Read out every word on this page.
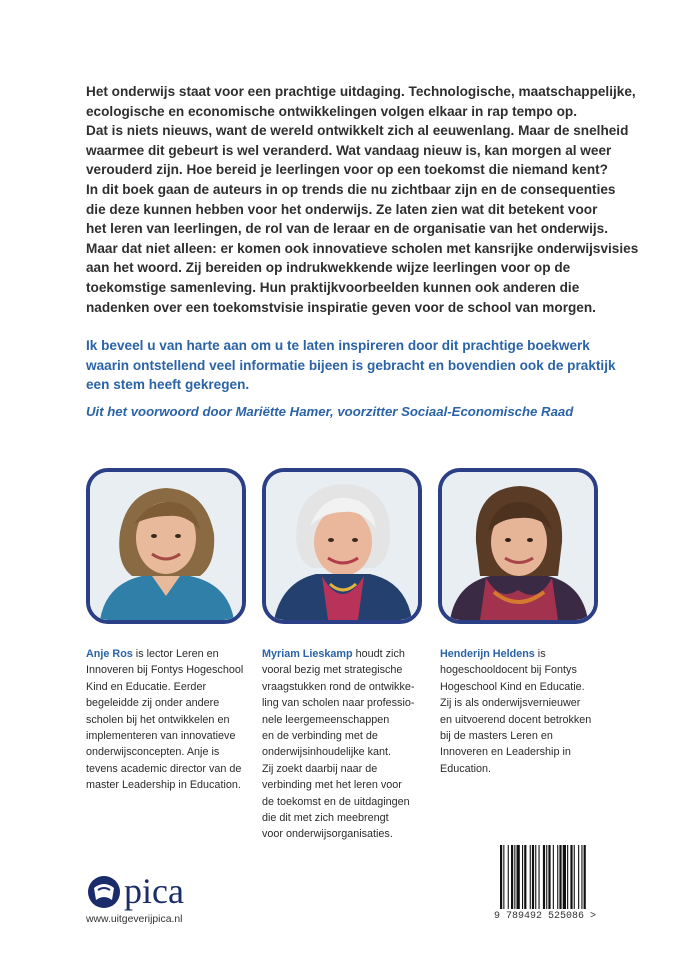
Het onderwijs staat voor een prachtige uitdaging. Technologische, maatschappelijke,
ecologische en economische ontwikkelingen volgen elkaar in rap tempo op.
Dat is niets nieuws, want de wereld ontwikkelt zich al eeuwenlang. Maar de snelheid
waarmee dit gebeurt is wel veranderd. Wat vandaag nieuw is, kan morgen al weer
verouderd zijn. Hoe bereid je leerlingen voor op een toekomst die niemand kent?
In dit boek gaan de auteurs in op trends die nu zichtbaar zijn en de consequenties
die deze kunnen hebben voor het onderwijs. Ze laten zien wat dit betekent voor
het leren van leerlingen, de rol van de leraar en de organisatie van het onderwijs.
Maar dat niet alleen: er komen ook innovatieve scholen met kansrijke onderwijsvisies
aan het woord. Zij bereiden op indrukwekkende wijze leerlingen voor op de
toekomstige samenleving. Hun praktijkvoorbeelden kunnen ook anderen die
nadenken over een toekomstvisie inspiratie geven voor de school van morgen.
Ik beveel u van harte aan om u te laten inspireren door dit prachtige boekwerk
waarin ontstellend veel informatie bijeen is gebracht en bovendien ook de praktijk
een stem heeft gekregen.
Uit het voorwoord door Mariëtte Hamer, voorzitter Sociaal-Economische Raad
Anje Ros is lector Leren en
Innoveren bij Fontys Hogeschool
Kind en Educatie. Eerder
begeleidde zij onder andere
scholen bij het ontwikkelen en
implementeren van innovatieve
onderwijsconcepten. Anje is
tevens academic director van de
master Leadership in Education.
Myriam Lieskamp houdt zich
vooral bezig met strategische
vraagstukken rond de ontwikke-
ling van scholen naar professio-
nele leergemeenschappen
en de verbinding met de
onderwijsinhoudelijke kant.
Zij zoekt daarbij naar de
verbinding met het leren voor
de toekomst en de uitdagingen
die dit met zich meebrengt
voor onderwijsorganisaties.
Henderijn Heldens is
hogeschooldocent bij Fontys
Hogeschool Kind en Educatie.
Zij is als onderwijsvernieuwer
en uitvoerend docent betrokken
bij de masters Leren en
Innoveren en Leadership in
Education.
pica
www.uitgeverijpica.nl	9 789492 525086 >
